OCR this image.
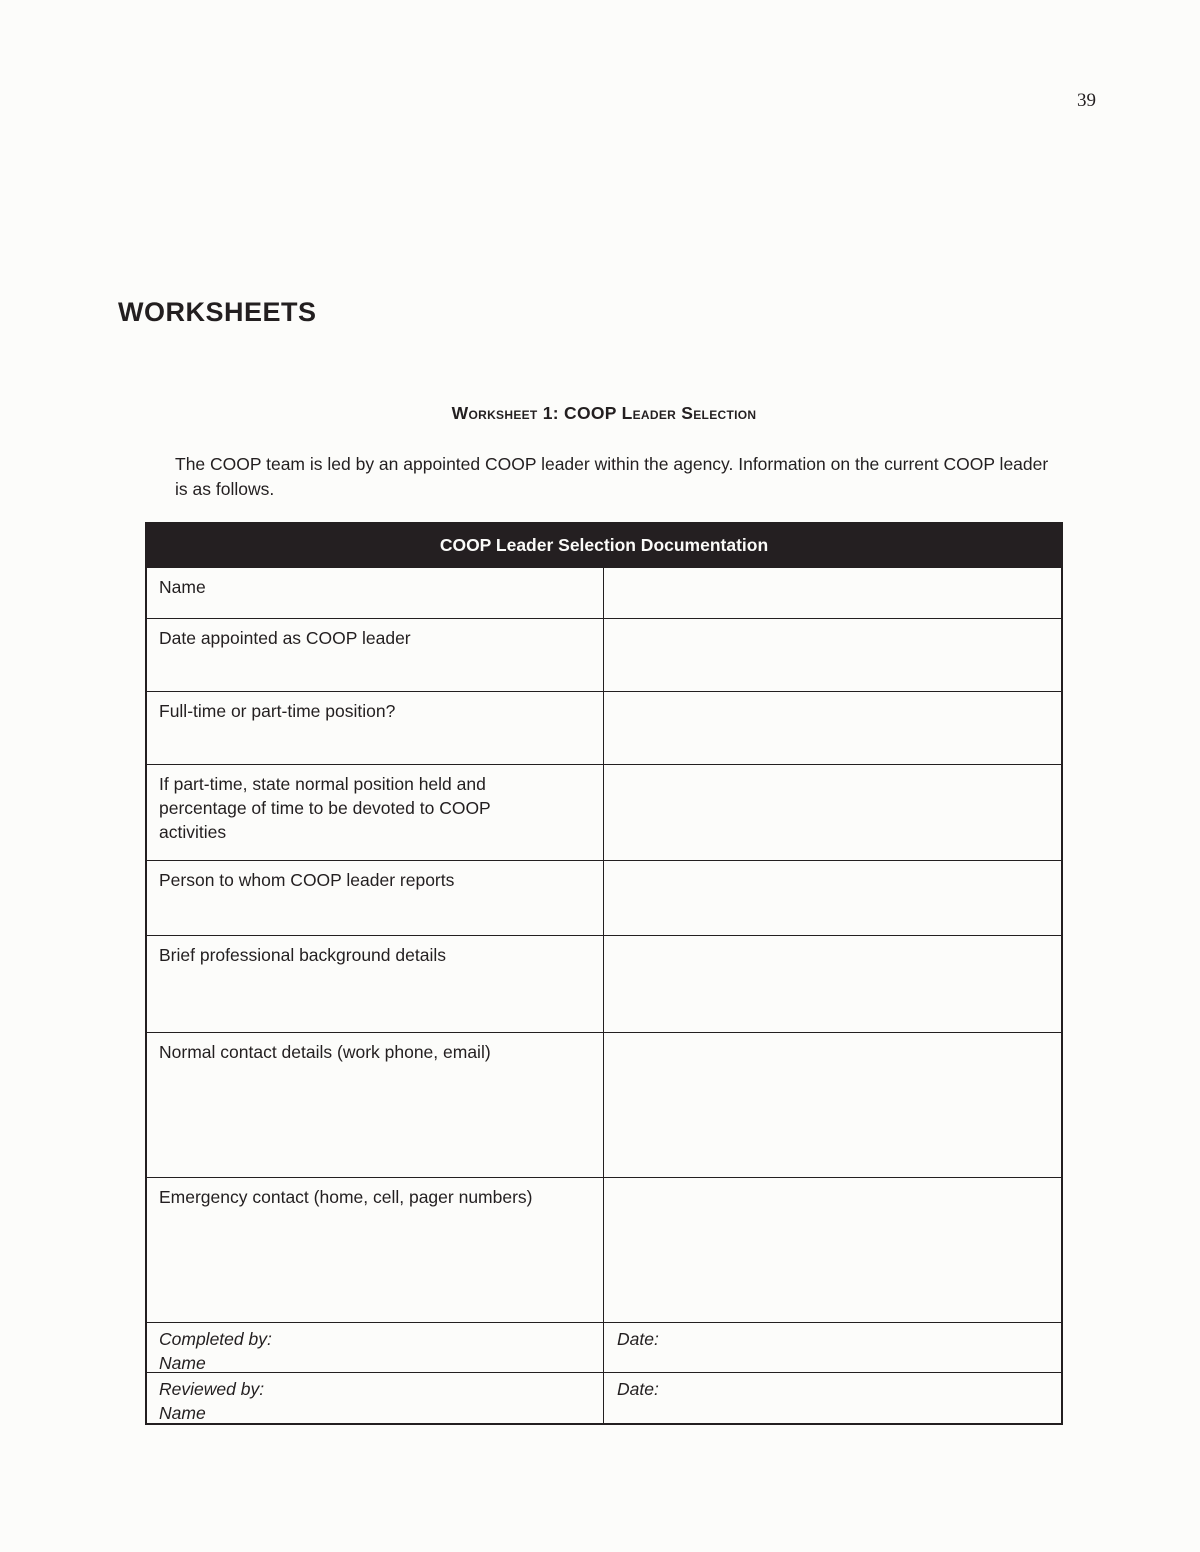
39
WORKSHEETS
Worksheet 1: COOP Leader Selection

The COOP team is led by an appointed COOP leader within the agency. Information on the current COOP leader is as follows.

COOP Leader Selection Documentation
Name
Date appointed as COOP leader
Full-time or part-time position?
If part-time, state normal position held and percentage of time to be devoted to COOP activities
Person to whom COOP leader reports
Brief professional background details
Normal contact details (work phone, email)
Emergency contact (home, cell, pager numbers)
Completed by:
Name
Date:
Reviewed by:
Name
Date:
